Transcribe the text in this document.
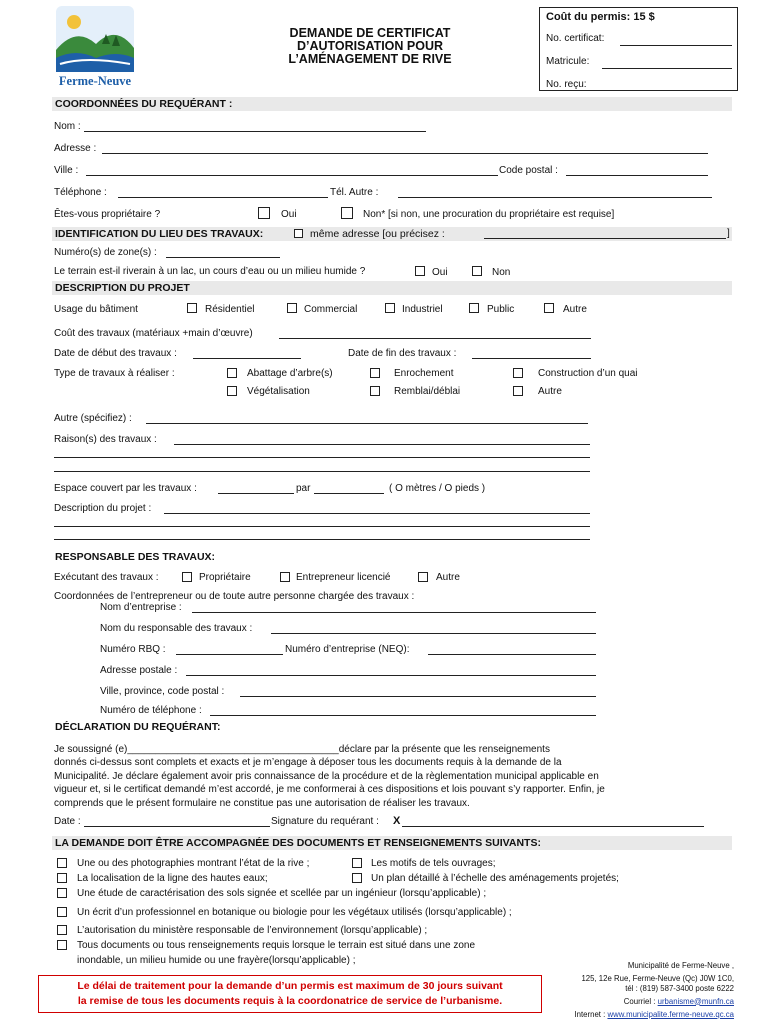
Ferme-Neuve
DEMANDE DE CERTIFICAT
D’AUTORISATION POUR
L’AMÉNAGEMENT DE RIVE
Coût du permis: 15 $
No. certificat:
Matricule:
No. reçu:
COORDONNÉES DU REQUÉRANT :
Nom :
Adresse :
Ville :	Code postal :
Téléphone :	Tél. Autre :
Êtes-vous propriétaire ?	Oui	Non* [si non, une procuration du propriétaire est requise]
IDENTIFICATION DU LIEU DES TRAVAUX:	même adresse [ou précisez :	]
Numéro(s) de zone(s) :
Le terrain est-il riverain à un lac, un cours d’eau ou un milieu humide ?	Oui	Non
DESCRIPTION DU PROJET
Usage du bâtiment	Résidentiel	Commercial	Industriel	Public	Autre
Coût des travaux (matériaux +main d’œuvre)
Date de début des travaux :	Date de fin des travaux :
Type de travaux à réaliser :	Abattage d’arbre(s)	Enrochement	Construction d’un quai
Végétalisation	Remblai/déblai	Autre
Autre (spécifiez) :
Raison(s) des travaux :
Espace couvert par les travaux :	par	( O mètres / O pieds )
Description du projet :
RESPONSABLE DES TRAVAUX:
Exécutant des travaux :	Propriétaire	Entrepreneur licencié	Autre
Coordonnées de l’entrepreneur ou de toute autre personne chargée des travaux :
Nom d’entreprise :
Nom du responsable des travaux :
Numéro RBQ :	Numéro d’entreprise (NEQ):
Adresse postale :
Ville, province, code postal :
Numéro de téléphone :
DÉCLARATION DU REQUÉRANT:
Je soussigné (e)______________________________________déclare par la présente que les renseignements
donnés ci-dessus sont complets et exacts et je m’engage à déposer tous les documents requis à la demande de la
Municipalité. Je déclare également avoir pris connaissance de la procédure et de la règlementation municipal applicable en
vigueur et, si le certificat demandé m’est accordé, je me conformerai à ces dispositions et lois pouvant s’y rapporter. Enfin, je
comprends que le présent formulaire ne constitue pas une autorisation de réaliser les travaux.
Date :	Signature du requérant : X
LA DEMANDE DOIT ÊTRE ACCOMPAGNÉE DES DOCUMENTS ET RENSEIGNEMENTS SUIVANTS:
Une ou des photographies montrant l’état de la rive ;	Les motifs de tels ouvrages;
La localisation de la ligne des hautes eaux;	Un plan détaillé à l’échelle des aménagements projetés;
Une étude de caractérisation des sols signée et scellée par un ingénieur (lorsqu’applicable) ;
Un écrit d’un professionnel en botanique ou biologie pour les végétaux utilisés (lorsqu’applicable) ;
L’autorisation du ministère responsable de l’environnement (lorsqu’applicable) ;
Tous documents ou tous renseignements requis lorsque le terrain est situé dans une zone
inondable, un milieu humide ou une frayère(lorsqu’applicable) ;
Le délai de traitement pour la demande d’un permis est maximum de 30 jours suivant
la remise de tous les documents requis à la coordonatrice de service de l’urbanisme.
Municipalité de Ferme-Neuve ,
125, 12e Rue, Ferme-Neuve (Qc) J0W 1C0,
tél : (819) 587-3400 poste 6222
Courriel : urbanisme@munfn.ca
Internet : www.municipalite.ferme-neuve.qc.ca
